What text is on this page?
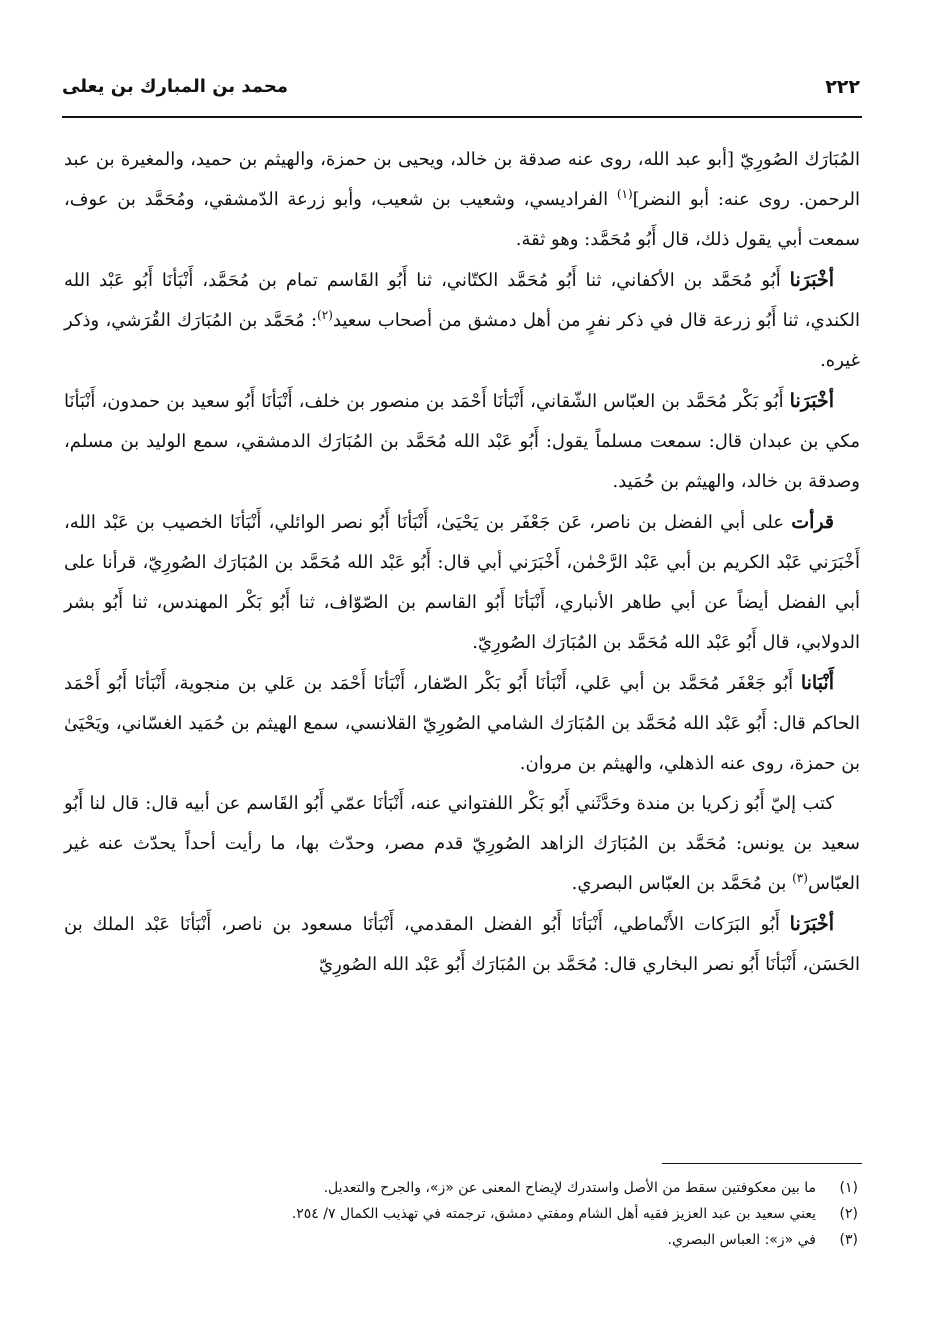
٢٢٢
محمد بن المبارك بن يعلى

المُبَارَك الصُورِيّ [أبو عبد الله، روى عنه صدقة بن خالد، ويحيى بن حمزة، والهيثم بن حميد، والمغيرة بن عبد الرحمن. روى عنه: أبو النضر]$^{(١)}$ الفراديسي، وشعيب بن شعيب، وأبو زرعة الدّمشقي، ومُحَمَّد بن عوف، سمعت أبي يقول ذلك، قال أَبُو مُحَمَّد: وهو ثقة.

أخْبَرَنا أَبُو مُحَمَّد بن الأكفاني، ثنا أَبُو مُحَمَّد الكتّاني، ثنا أَبُو القَاسم تمام بن مُحَمَّد، أَنْبَأنَا أَبُو عَبْد الله الكندي، ثنا أَبُو زرعة قال في ذكر نفرٍ من أهل دمشق من أصحاب سعيد$^{(٢)}$: مُحَمَّد بن المُبَارَك القُرَشي، وذكر غيره.

أخْبَرَنا أَبُو بَكْر مُحَمَّد بن العبّاس الشّقاني، أَنْبَأنَا أَحْمَد بن منصور بن خلف، أَنْبَأنَا أَبُو سعيد بن حمدون، أَنْبَأنَا مكي بن عبدان قال: سمعت مسلماً يقول: أَبُو عَبْد الله مُحَمَّد بن المُبَارَك الدمشقي، سمع الوليد بن مسلم، وصدقة بن خالد، والهيثم بن حُمَيد.

قرأت على أبي الفضل بن ناصر، عَن جَعْفَر بن يَحْيَىٰ، أَنْبَأنَا أَبُو نصر الوائلي، أَنْبَأنَا الخصيب بن عَبْد الله، أَخْبَرَني عَبْد الكريم بن أبي عَبْد الرَّحْمٰن، أَخْبَرَني أبي قال: أَبُو عَبْد الله مُحَمَّد بن المُبَارَك الصُورِيّ، قرأنا على أبي الفضل أيضاً عن أبي طاهر الأنباري، أَنْبَأنَا أَبُو القاسم بن الصّوّاف، ثنا أَبُو بَكْر المهندس، ثنا أَبُو بشر الدولابي، قال أَبُو عَبْد الله مُحَمَّد بن المُبَارَك الصُورِيّ.

أَنْبَانا أَبُو جَعْفَر مُحَمَّد بن أبي عَلي، أَنْبَأنَا أَبُو بَكْر الصّفار، أَنْبَأنَا أَحْمَد بن عَلي بن منجوية، أَنْبَأنَا أَبُو أَحْمَد الحاكم قال: أَبُو عَبْد الله مُحَمَّد بن المُبَارَك الشامي الصُورِيّ القلانسي، سمع الهيثم بن حُمَيد الغسّاني، ويَحْيَىٰ بن حمزة، روى عنه الذهلي، والهيثم بن مروان.

كتب إليّ أَبُو زكريا بن مندة وحَدَّثَني أَبُو بَكْر اللفتواني عنه، أَنْبَأنَا عمّي أَبُو القَاسم عن أبيه قال: قال لنا أَبُو سعيد بن يونس: مُحَمَّد بن المُبَارَك الزاهد الصُورِيّ قدم مصر، وحدّث بها، ما رأيت أحداً يحدّث عنه غير العبّاس$^{(٣)}$ بن مُحَمَّد بن العبّاس البصري.

أخْبَرَنا أَبُو البَرَكات الأَنْماطي، أَنْبَأنَا أَبُو الفضل المقدمي، أَنْبَأنَا مسعود بن ناصر، أَنْبَأنَا عَبْد الملك بن الحَسَن، أَنْبَأنَا أَبُو نصر البخاري قال: مُحَمَّد بن المُبَارَك أَبُو عَبْد الله الصُورِيّ

(١)
ما بين معكوفتين سقط من الأصل واستدرك لإيضاح المعنى عن «ز»، والجرح والتعديل.
(٢)
يعني سعيد بن عبد العزيز فقيه أهل الشام ومفتي دمشق، ترجمته في تهذيب الكمال ٧/ ٢٥٤.
(٣)
في «ز»: العباس البصري.
